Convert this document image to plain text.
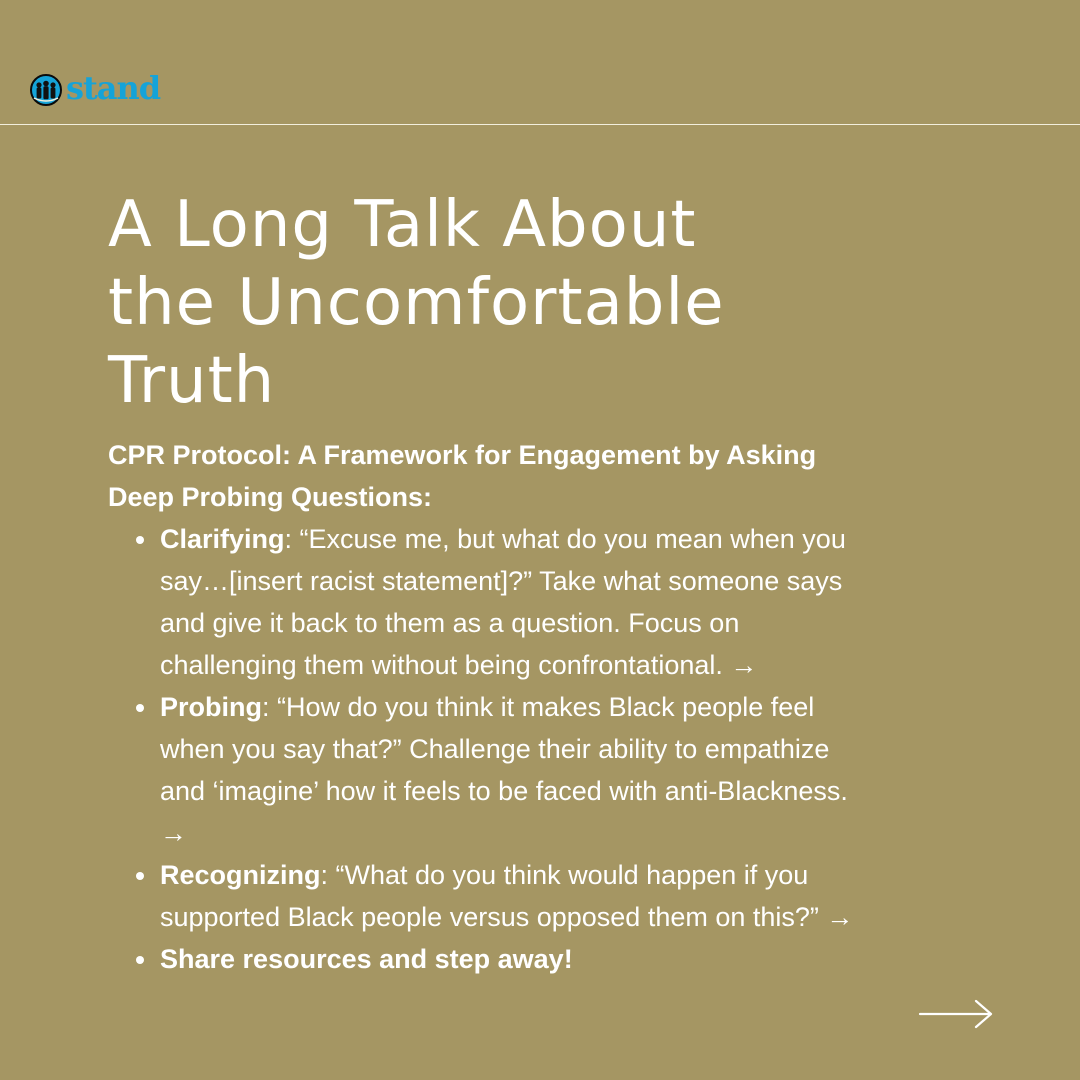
stand
A Long Talk About
the Uncomfortable
Truth

CPR Protocol: A Framework for Engagement by Asking
Deep Probing Questions:

Clarifying: “Excuse me, but what do you mean when you
say…[insert racist statement]?” Take what someone says
and give it back to them as a question. Focus on
challenging them without being confrontational. →
Probing: “How do you think it makes Black people feel
when you say that?” Challenge their ability to empathize
and ‘imagine’ how it feels to be faced with anti-Blackness.
→
Recognizing: “What do you think would happen if you
supported Black people versus opposed them on this?” →
Share resources and step away!
